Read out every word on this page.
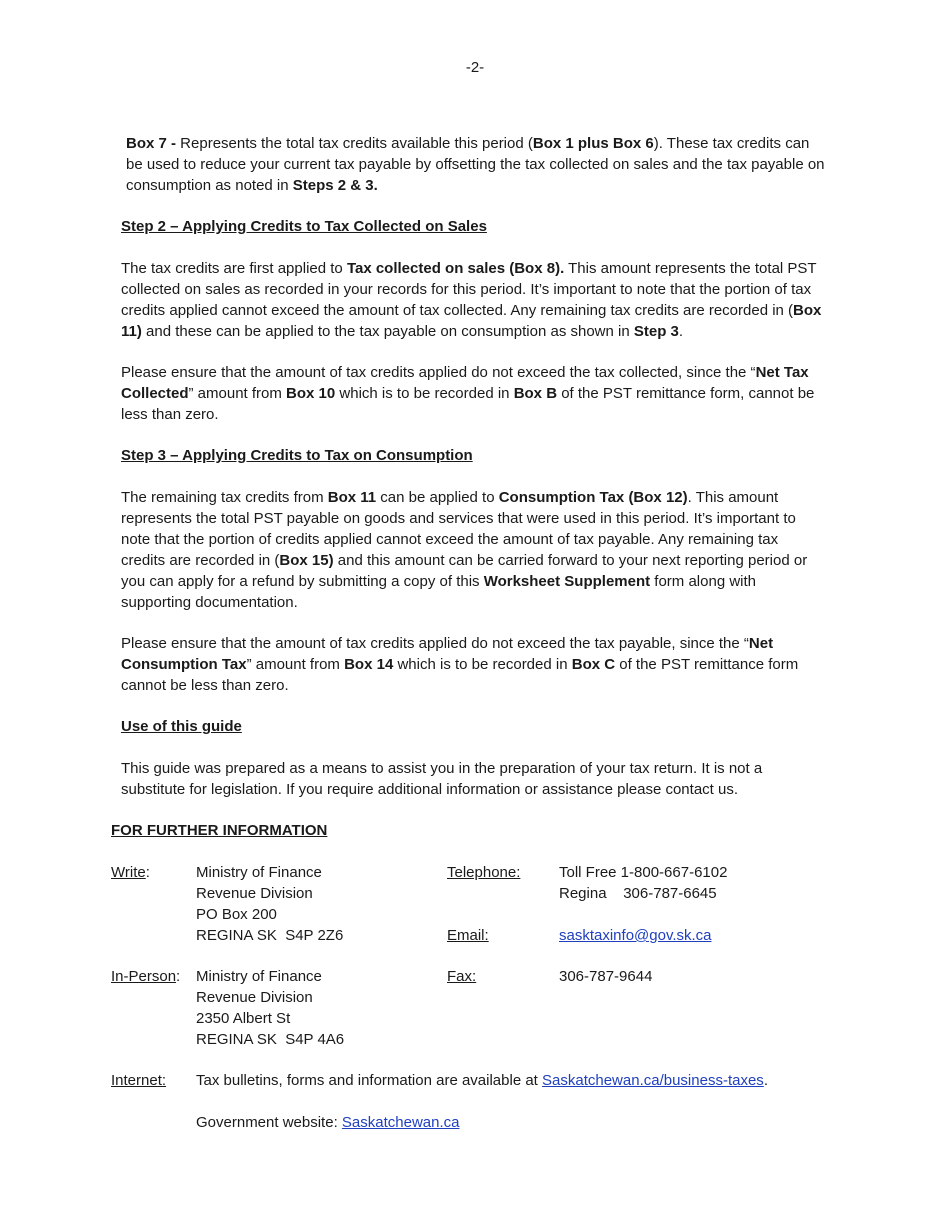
-2-

Box 7 - Represents the total tax credits available this period (Box 1 plus Box 6). These tax credits can be used to reduce your current tax payable by offsetting the tax collected on sales and the tax payable on consumption as noted in Steps 2 & 3.

Step 2 – Applying Credits to Tax Collected on Sales

The tax credits are first applied to Tax collected on sales (Box 8). This amount represents the total PST collected on sales as recorded in your records for this period. It’s important to note that the portion of tax credits applied cannot exceed the amount of tax collected. Any remaining tax credits are recorded in (Box 11) and these can be applied to the tax payable on consumption as shown in Step 3.

Please ensure that the amount of tax credits applied do not exceed the tax collected, since the “Net Tax Collected” amount from Box 10 which is to be recorded in Box B of the PST remittance form, cannot be less than zero.

Step 3 – Applying Credits to Tax on Consumption

The remaining tax credits from Box 11 can be applied to Consumption Tax (Box 12). This amount represents the total PST payable on goods and services that were used in this period. It’s important to note that the portion of credits applied cannot exceed the amount of tax payable. Any remaining tax credits are recorded in (Box 15) and this amount can be carried forward to your next reporting period or you can apply for a refund by submitting a copy of this Worksheet Supplement form along with supporting documentation.

Please ensure that the amount of tax credits applied do not exceed the tax payable, since the “Net Consumption Tax” amount from Box 14 which is to be recorded in Box C of the PST remittance form cannot be less than zero.

Use of this guide

This guide was prepared as a means to assist you in the preparation of your tax return. It is not a substitute for legislation. If you require additional information or assistance please contact us.

FOR FURTHER INFORMATION
Write:	Ministry of Finance
Revenue Division
PO Box 200
REGINA SK  S4P 2Z6
Telephone:	Toll Free 1-800-667-6102
Regina    306-787-6645
Email:	sasktaxinfo@gov.sk.ca
In-Person: Ministry of Finance
Revenue Division
2350 Albert St
REGINA SK  S4P 4A6
Fax:	306-787-9644
Internet: Tax bulletins, forms and information are available at Saskatchewan.ca/business-taxes.
Government website: Saskatchewan.ca
